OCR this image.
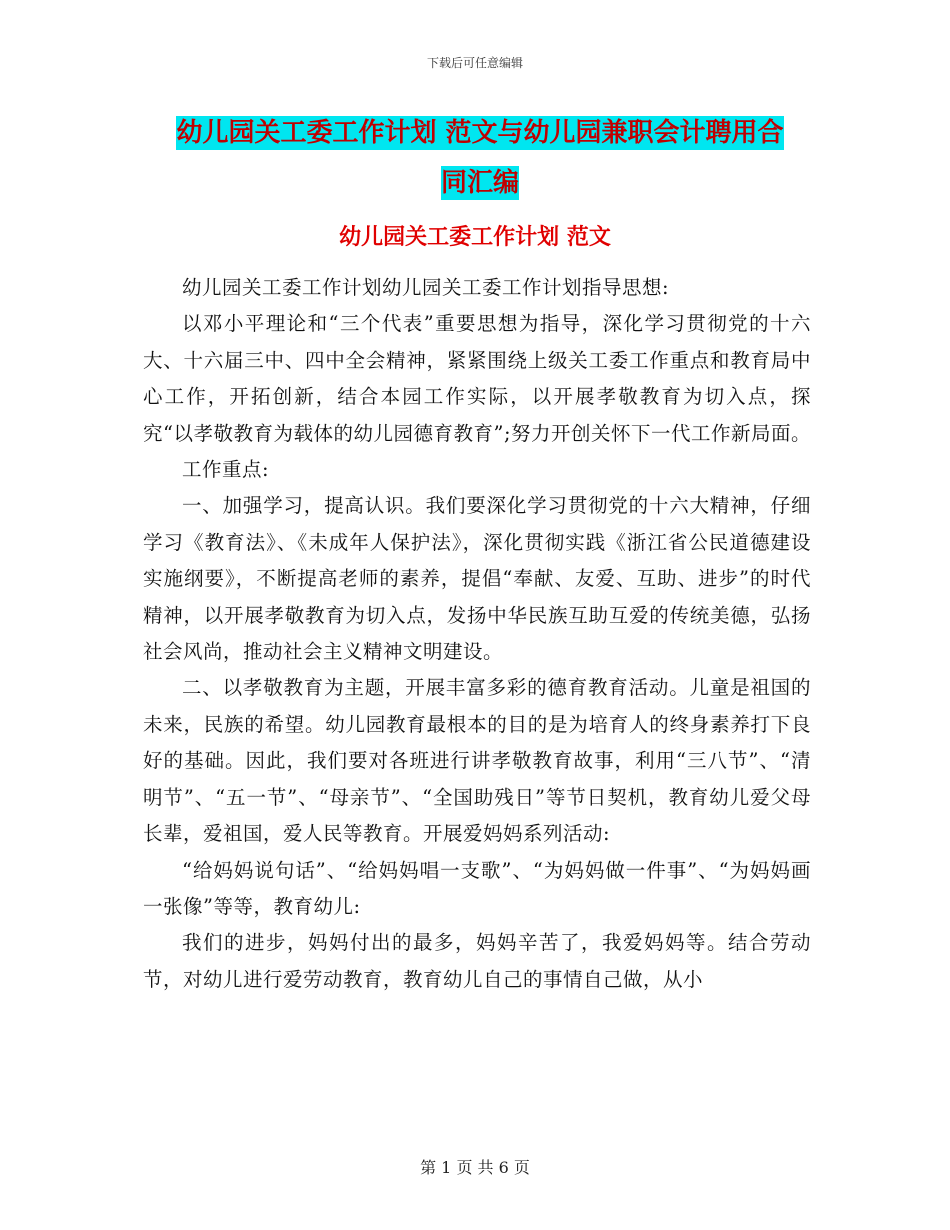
下载后可任意编辑
幼儿园关工委工作计划 范文与幼儿园兼职会计聘用合
同汇编
幼儿园关工委工作计划 范文

幼儿园关工委工作计划幼儿园关工委工作计划指导思想:

以邓小平理论和“三个代表”重要思想为指导，深化学习贯彻党的十六大、十六届三中、四中全会精神，紧紧围绕上级关工委工作重点和教育局中心工作，开拓创新，结合本园工作实际，以开展孝敬教育为切入点，探究“以孝敬教育为载体的幼儿园德育教育”;努力开创关怀下一代工作新局面。

工作重点:

一、加强学习，提高认识。我们要深化学习贯彻党的十六大精神，仔细学习《教育法》、《未成年人保护法》，深化贯彻实践《浙江省公民道德建设实施纲要》，不断提高老师的素养，提倡“奉献、友爱、互助、进步”的时代精神，以开展孝敬教育为切入点，发扬中华民族互助互爱的传统美德，弘扬社会风尚，推动社会主义精神文明建设。

二、以孝敬教育为主题，开展丰富多彩的德育教育活动。儿童是祖国的未来，民族的希望。幼儿园教育最根本的目的是为培育人的终身素养打下良好的基础。因此，我们要对各班进行讲孝敬教育故事，利用“三八节”、“清明节”、“五一节”、“母亲节”、“全国助残日”等节日契机，教育幼儿爱父母长辈，爱祖国，爱人民等教育。开展爱妈妈系列活动:

“给妈妈说句话”、“给妈妈唱一支歌”、“为妈妈做一件事”、“为妈妈画一张像”等等，教育幼儿:

我们的进步，妈妈付出的最多，妈妈辛苦了，我爱妈妈等。结合劳动节，对幼儿进行爱劳动教育，教育幼儿自己的事情自己做，从小

第 1 页 共 6 页
